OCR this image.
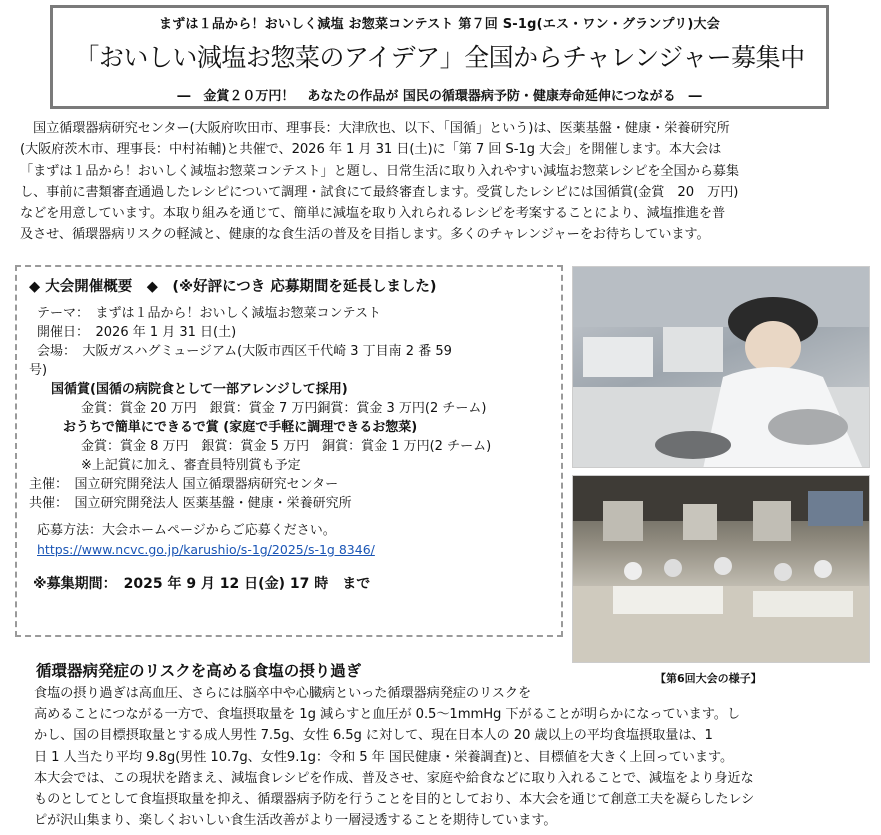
まずは１品から！おいしく減塩 お惣菜コンテスト 第７回 S-1g(エス・ワン・グランプリ)大会
「おいしい減塩お惣菜のアイデア」全国からチャレンジャー募集中
―　金賞２０万円！　あなたの作品が 国民の循環器病予防・健康寿命延伸につながる　―
国立循環器病研究センター(大阪府吹田市、理事長：大津欣也、以下、「国循」という)は、医薬基盤・健康・栄養研究所
(大阪府茨木市、理事長：中村祐輔)と共催で、2026 年 1 月 31 日(土)に「第 7 回 S-1g 大会」を開催します。本大会は
「まずは１品から！おいしく減塩お惣菜コンテスト」と題し、日常生活に取り入れやすい減塩お惣菜レシピを全国から募集
し、事前に書類審査通過したレシピについて調理・試食にて最終審査します。受賞したレシピには国循賞(金賞　20　万円)
などを用意しています。本取り組みを通じて、簡単に減塩を取り入れられるレシピを考案することにより、減塩推進を普
及させ、循環器病リスクの軽減と、健康的な食生活の普及を目指します。多くのチャレンジャーをお待ちしています。
◆ 大会開催概要　◆　(※好評につき 応募期間を延長しました)
テーマ：　まずは１品から！おいしく減塩お惣菜コンテスト
開催日：　2026 年 1 月 31 日(土)
会場：　大阪ガスハグミュージアム(大阪市西区千代崎 3 丁目南 2 番 59
号)
国循賞(国循の病院食として一部アレンジして採用)
金賞：賞金 20 万円　銀賞：賞金 7 万円銅賞：賞金 3 万円(2 チーム)
おうちで簡単にできるで賞 (家庭で手軽に調理できるお惣菜)
金賞：賞金 8 万円　銀賞：賞金 5 万円　銅賞：賞金 1 万円(2 チーム)
※上記賞に加え、審査員特別賞も予定
主催：　国立研究開発法人 国立循環器病研究センター
共催：　国立研究開発法人 医薬基盤・健康・栄養研究所
応募方法：大会ホームページからご応募ください。
https://www.ncvc.go.jp/karushio/s-1g/2025/s-1g 8346/
※募集期間：　2025 年 9 月 12 日(金) 17 時　まで
【第6回大会の様子】
循環器病発症のリスクを高める食塩の摂り過ぎ
食塩の摂り過ぎは高血圧、さらには脳卒中や心臓病といった循環器病発症のリスクを
高めることにつながる一方で、食塩摂取量を 1g 減らすと血圧が 0.5～1mmHg 下がることが明らかになっています。し
かし、国の目標摂取量とする成人男性 7.5g、女性 6.5g に対して、現在日本人の 20 歳以上の平均食塩摂取量は、1
日 1 人当たり平均 9.8g(男性 10.7g、女性9.1g：令和 5 年 国民健康・栄養調査)と、目標値を大きく上回っています。
本大会では、この現状を踏まえ、減塩食レシピを作成、普及させ、家庭や給食などに取り入れることで、減塩をより身近な
ものとしてとして食塩摂取量を抑え、循環器病予防を行うことを目的としており、本大会を通じて創意工夫を凝らしたレシ
ピが沢山集まり、楽しくおいしい食生活改善がより一層浸透することを期待しています。
